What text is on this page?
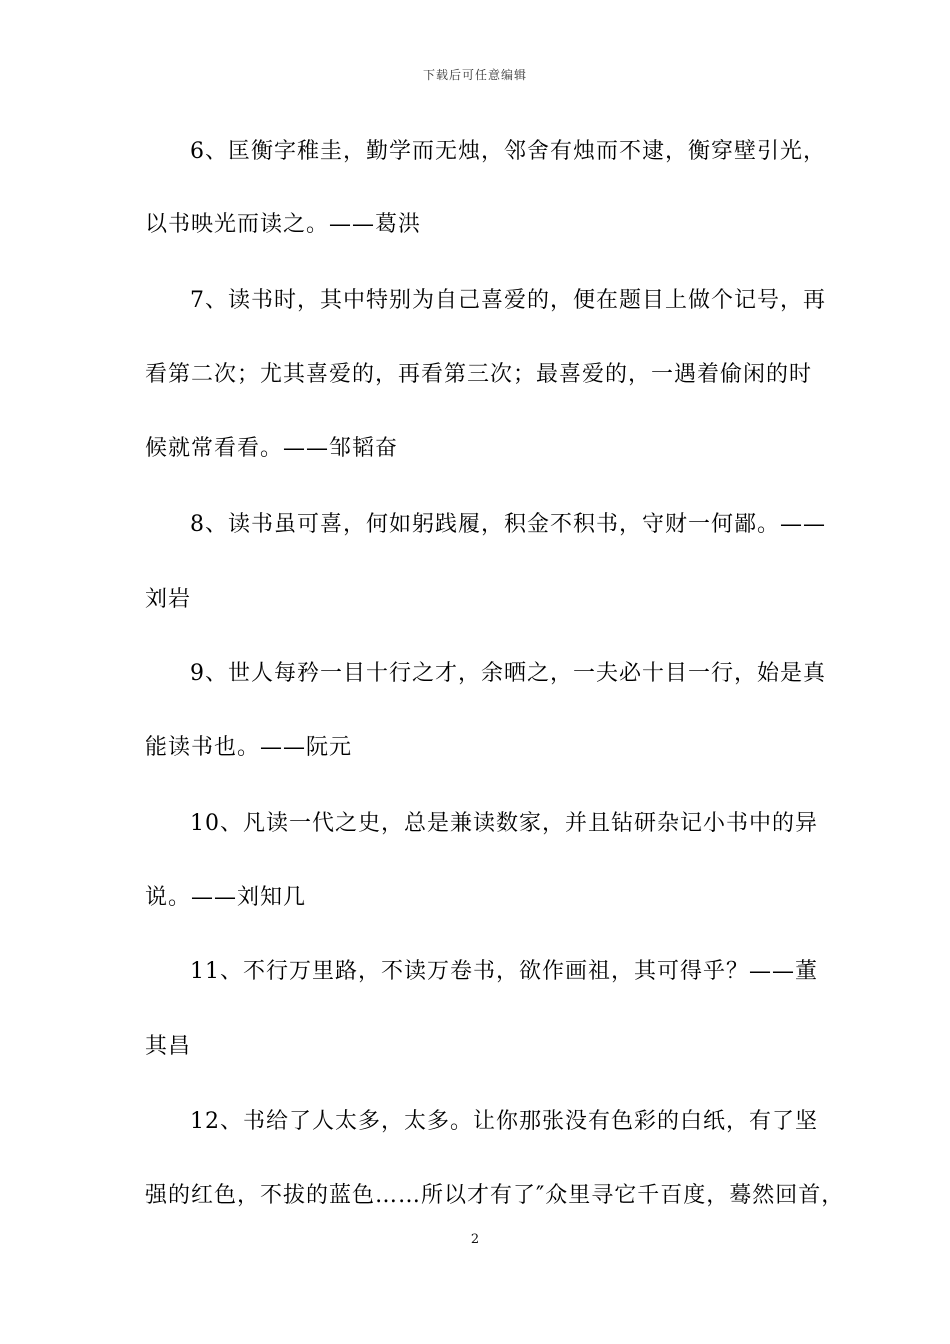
下载后可任意编辑
6、匡衡字稚圭，勤学而无烛，邻舍有烛而不逮，衡穿壁引光，
以书映光而读之。——葛洪
7、读书时，其中特别为自己喜爱的，便在题目上做个记号，再
看第二次；尤其喜爱的，再看第三次；最喜爱的，一遇着偷闲的时
候就常看看。——邹韬奋
8、读书虽可喜，何如躬践履，积金不积书，守财一何鄙。——
刘岩
9、世人每矜一目十行之才，余晒之，一夫必十目一行，始是真
能读书也。——阮元
10、凡读一代之史，总是兼读数家，并且钻研杂记小书中的异
说。——刘知几
11、不行万里路，不读万卷书，欲作画祖，其可得乎？——董
其昌
12、书给了人太多，太多。让你那张没有色彩的白纸，有了坚
强的红色，不拔的蓝色……所以才有了″众里寻它千百度，蓦然回首，
2
